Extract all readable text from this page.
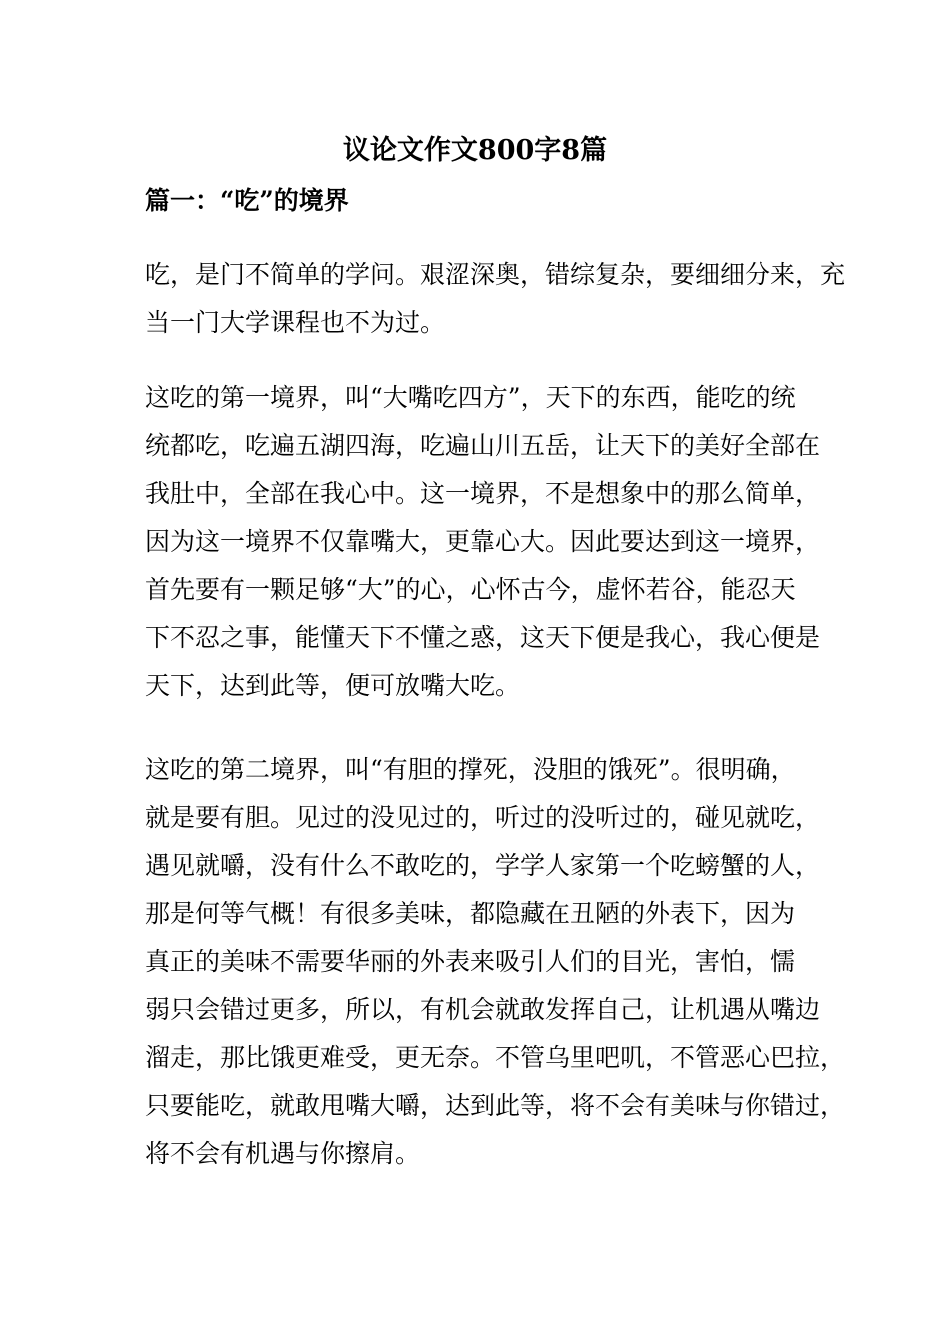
议论文作文800字8篇
篇一：“吃”的境界
吃，是门不简单的学问。艰涩深奥，错综复杂，要细细分来，充
当一门大学课程也不为过。
这吃的第一境界，叫“大嘴吃四方”，天下的东西，能吃的统
统都吃，吃遍五湖四海，吃遍山川五岳，让天下的美好全部在
我肚中，全部在我心中。这一境界，不是想象中的那么简单，
因为这一境界不仅靠嘴大，更靠心大。因此要达到这一境界，
首先要有一颗足够“大”的心，心怀古今，虚怀若谷，能忍天
下不忍之事，能懂天下不懂之惑，这天下便是我心，我心便是
天下，达到此等，便可放嘴大吃。
这吃的第二境界，叫“有胆的撑死，没胆的饿死”。很明确，
就是要有胆。见过的没见过的，听过的没听过的，碰见就吃，
遇见就嚼，没有什么不敢吃的，学学人家第一个吃螃蟹的人，
那是何等气概！有很多美味，都隐藏在丑陋的外表下，因为
真正的美味不需要华丽的外表来吸引人们的目光，害怕，懦
弱只会错过更多，所以，有机会就敢发挥自己，让机遇从嘴边
溜走，那比饿更难受，更无奈。不管乌里吧叽，不管恶心巴拉，
只要能吃，就敢甩嘴大嚼，达到此等，将不会有美味与你错过，
将不会有机遇与你擦肩。
